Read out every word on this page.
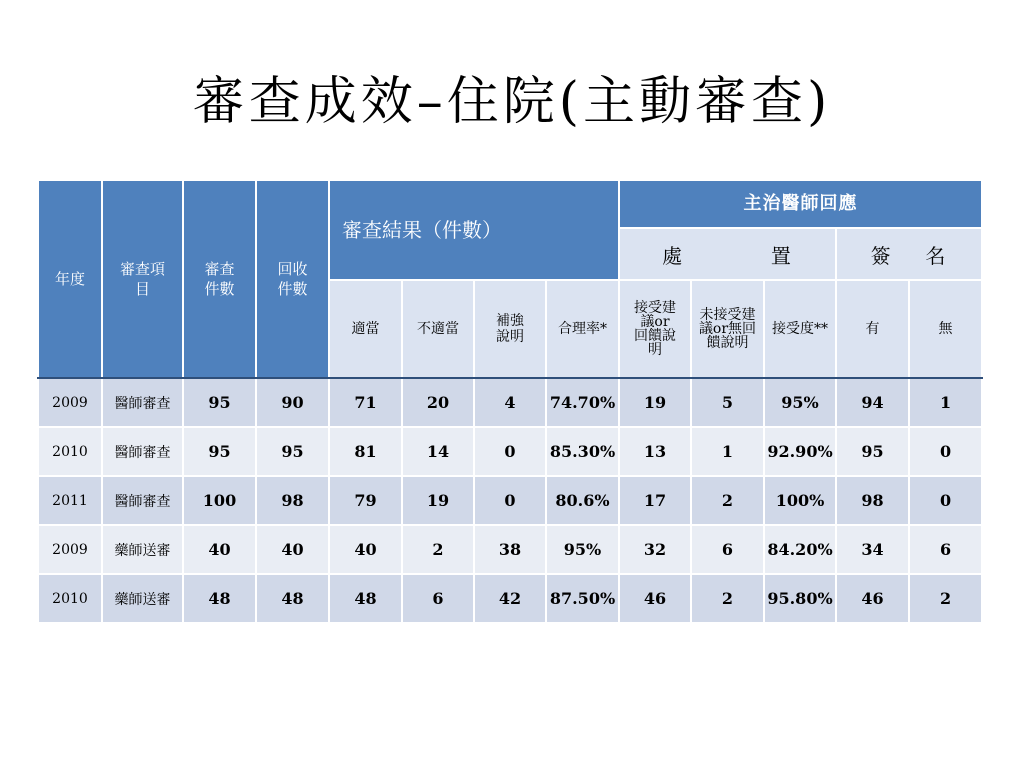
審查成效–住院(主動審查)
年度	審查項目	審查件數	回收件數	審查結果（件數）				主治醫師回應				
								處 置			簽 名	
				適當	不適當	補強說明	合理率*	接受建議or回饋說明	未接受建議or無回饋說明	接受度**	有	無
2009	醫師審查	95	90	71	20	4	74.70%	19	5	95%	94	1
2010	醫師審查	95	95	81	14	0	85.30%	13	1	92.90%	95	0
2011	醫師審查	100	98	79	19	0	80.6%	17	2	100%	98	0
2009	藥師送審	40	40	40	2	38	95%	32	6	84.20%	34	6
2010	藥師送審	48	48	48	6	42	87.50%	46	2	95.80%	46	2
